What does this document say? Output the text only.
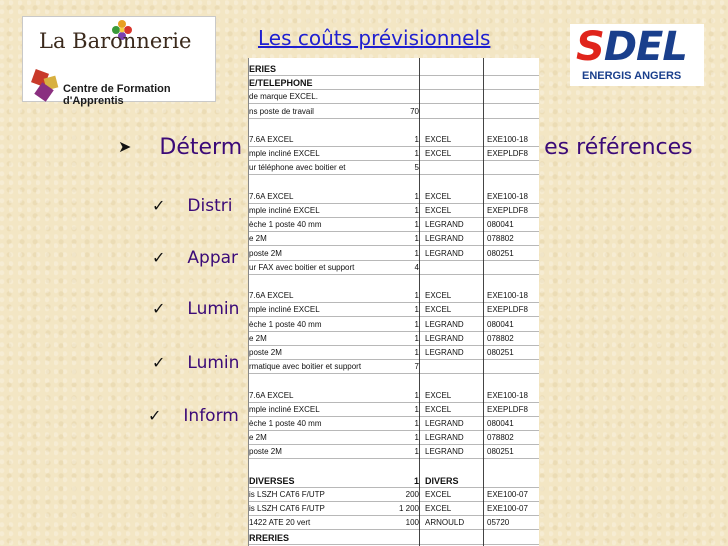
La Baronnerie
Centre de Formation d'Apprentis
Les coûts prévisionnels SDEL
ENERGIS ANGERS
➤ Déterm	es références
✓ Distri
✓ Appar
✓ Lumin
✓ Lumin
✓ Inform
ERIES
E/TELEPHONE
de marque EXCEL.
ns poste de travail	70
7.6A EXCEL	1 EXCEL	EXE100-18
mple incliné EXCEL	1 EXCEL	EXEPLDF8
ur téléphone avec boitier et	5
7.6A EXCEL	1 EXCEL	EXE100-18
mple incliné EXCEL	1 EXCEL	EXEPLDF8
èche 1 poste 40 mm	1 LEGRAND	080041
e 2M	1 LEGRAND	078802
poste 2M	1 LEGRAND	080251
ur FAX avec boitier et support	4
7.6A EXCEL	1 EXCEL	EXE100-18
mple incliné EXCEL	1 EXCEL	EXEPLDF8
èche 1 poste 40 mm	1 LEGRAND	080041
e 2M	1 LEGRAND	078802
poste 2M	1 LEGRAND	080251
rmatique avec boitier et support	7
7.6A EXCEL	1 EXCEL	EXE100-18
mple incliné EXCEL	1 EXCEL	EXEPLDF8
èche 1 poste 40 mm	1 LEGRAND	080041
e 2M	1 LEGRAND	078802
poste 2M	1 LEGRAND	080251
DIVERSES	1 DIVERS
is LSZH CAT6 F/UTP	200 EXCEL	EXE100-07
is LSZH CAT6 F/UTP	1 200 EXCEL	EXE100-07
1422 ATE 20 vert	100 ARNOULD	05720
RRERIES
